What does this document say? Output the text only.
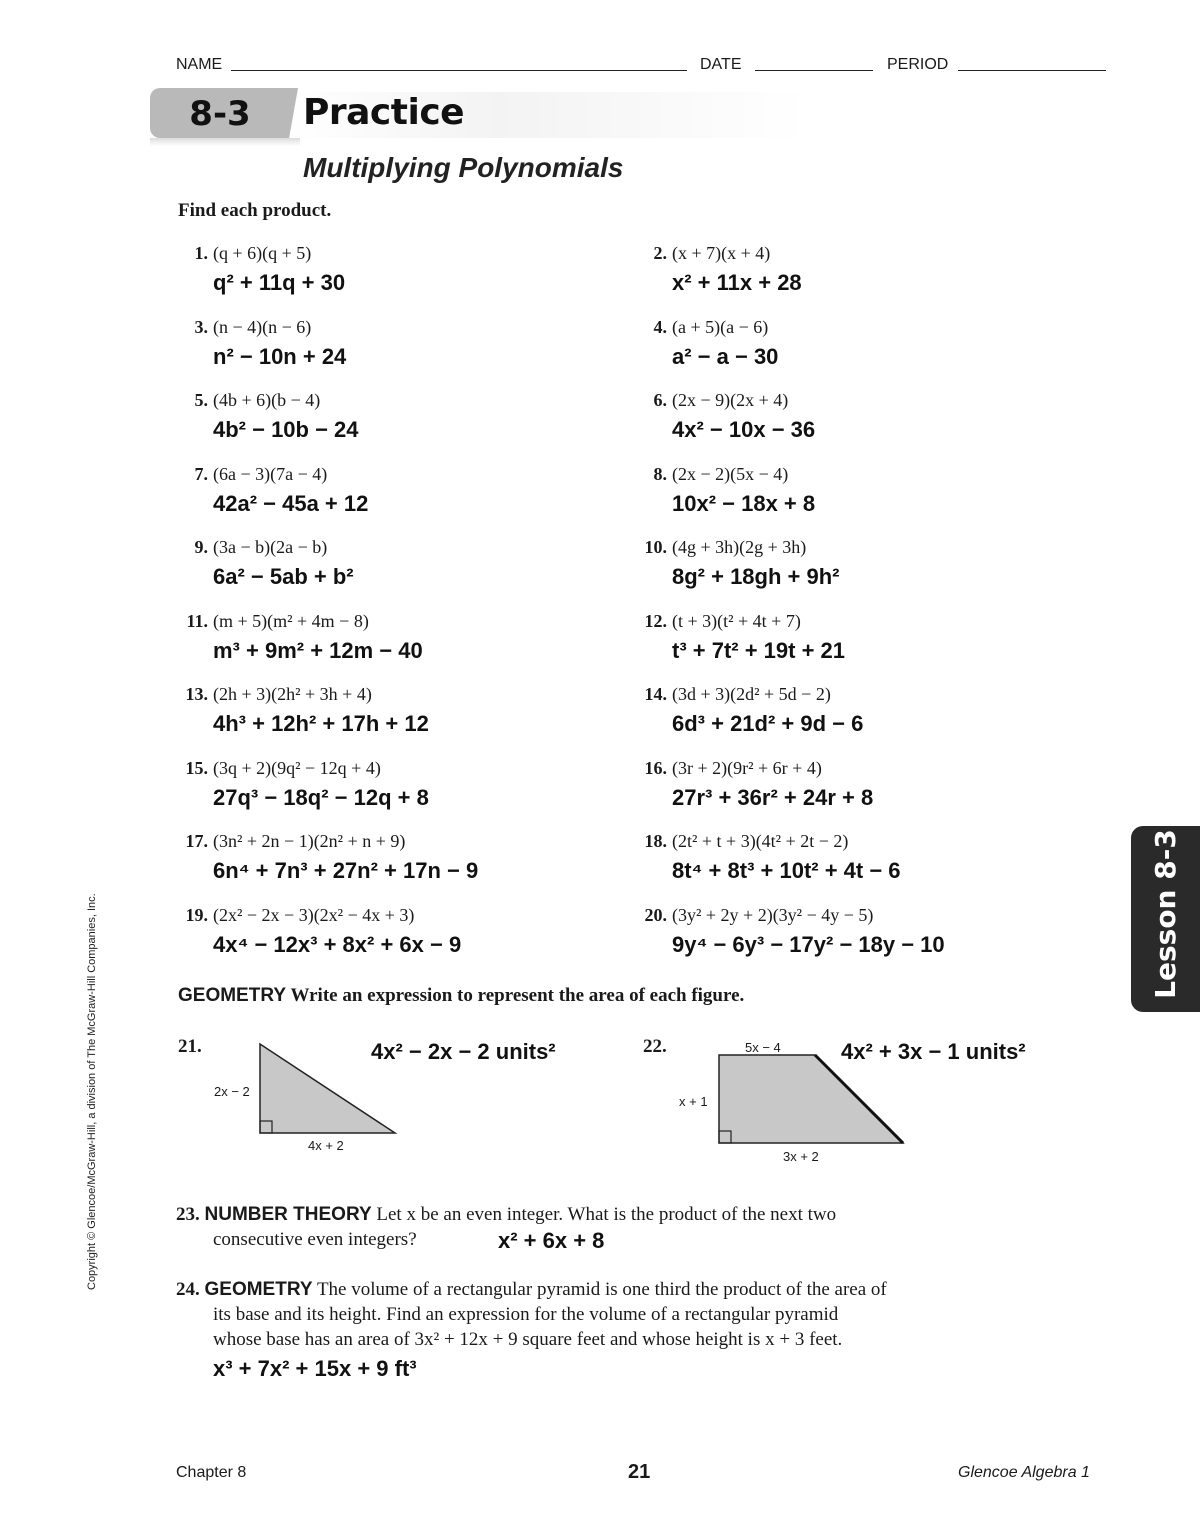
NAME	DATE	PERIOD
8-3	Practice
Multiplying Polynomials
Find each product.
1. (q + 6)(q + 5)
q² + 11q + 30
2. (x + 7)(x + 4)
x² + 11x + 28
3. (n − 4)(n − 6)
n² − 10n + 24
4. (a + 5)(a − 6)
a² − a − 30
5. (4b + 6)(b − 4)
4b² − 10b − 24
6. (2x − 9)(2x + 4)
4x² − 10x − 36
7. (6a − 3)(7a − 4)
42a² − 45a + 12
8. (2x − 2)(5x − 4)
10x² − 18x + 8
9. (3a − b)(2a − b)
6a² − 5ab + b²
10. (4g + 3h)(2g + 3h)
8g² + 18gh + 9h²
11. (m + 5)(m² + 4m − 8)
m³ + 9m² + 12m − 40
12. (t + 3)(t² + 4t + 7)
t³ + 7t² + 19t + 21
13. (2h + 3)(2h² + 3h + 4)
4h³ + 12h² + 17h + 12
14. (3d + 3)(2d² + 5d − 2)
6d³ + 21d² + 9d − 6
15. (3q + 2)(9q² − 12q + 4)
27q³ − 18q² − 12q + 8
16. (3r + 2)(9r² + 6r + 4)
27r³ + 36r² + 24r + 8
17. (3n² + 2n − 1)(2n² + n + 9)
6n⁴ + 7n³ + 27n² + 17n − 9
18. (2t² + t + 3)(4t² + 2t − 2)
8t⁴ + 8t³ + 10t² + 4t − 6
19. (2x² − 2x − 3)(2x² − 4x + 3)
4x⁴ − 12x³ + 8x² + 6x − 9
20. (3y² + 2y + 2)(3y² − 4y − 5)
9y⁴ − 6y³ − 17y² − 18y − 10
GEOMETRY Write an expression to represent the area of each figure.
21.
2x − 2
4x + 2
4x² − 2x − 2 units²	22.	5x − 4
x + 1
3x + 2
4x² + 3x − 1 units²
23. NUMBER THEORY Let x be an even integer. What is the product of the next two
consecutive even integers?	x² + 6x + 8
24. GEOMETRY The volume of a rectangular pyramid is one third the product of the area of
its base and its height. Find an expression for the volume of a rectangular pyramid
whose base has an area of 3x² + 12x + 9 square feet and whose height is x + 3 feet.
x³ + 7x² + 15x + 9 ft³
Lesson 8-3
Copyright © Glencoe/McGraw-Hill, a division of The McGraw-Hill Companies, Inc.
Chapter 8	21	Glencoe Algebra 1
